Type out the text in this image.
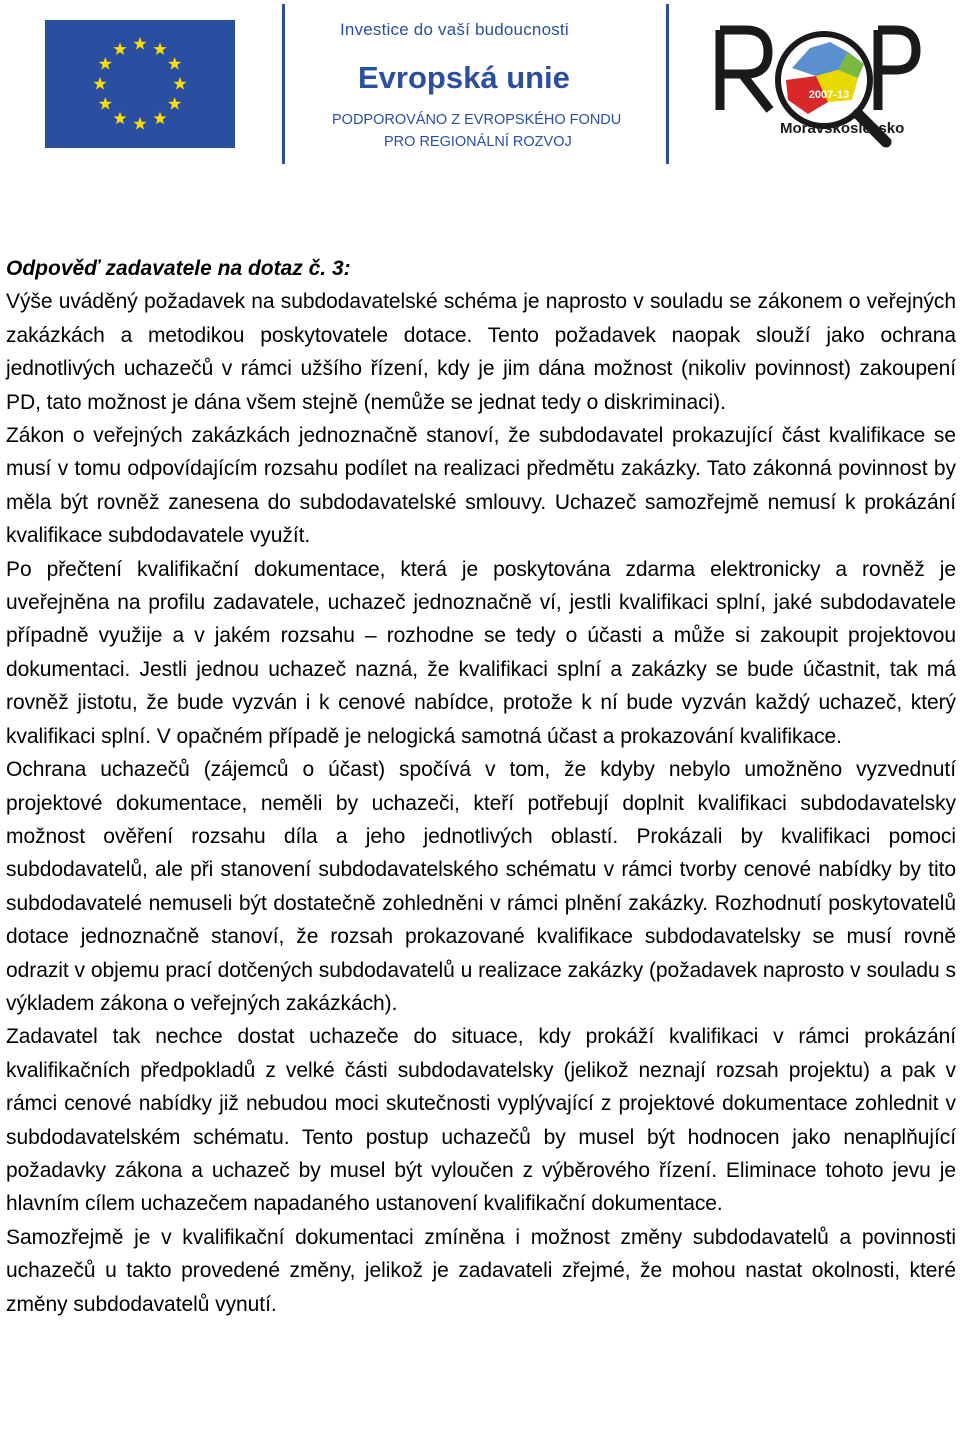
Investice do vaší budoucnosti
Evropská unie
PODPOROVÁNO Z EVROPSKÉHO FONDU
PRO REGIONÁLNÍ ROZVOJ
2007-13
Moravskoslezsko

Odpověď zadavatele na dotaz č. 3:

Výše uváděný požadavek na subdodavatelské schéma je naprosto v souladu se zákonem o veřejných zakázkách a metodikou poskytovatele dotace. Tento požadavek naopak slouží jako ochrana jednotlivých uchazečů v rámci užšího řízení, kdy je jim dána možnost (nikoliv povinnost) zakoupení PD, tato možnost je dána všem stejně (nemůže se jednat tedy o diskriminaci).

Zákon o veřejných zakázkách jednoznačně stanoví, že subdodavatel prokazující část kvalifikace se musí v tomu odpovídajícím rozsahu podílet na realizaci předmětu zakázky. Tato zákonná povinnost by měla být rovněž zanesena do subdodavatelské smlouvy. Uchazeč samozřejmě nemusí k prokázání kvalifikace subdodavatele využít.

Po přečtení kvalifikační dokumentace, která je poskytována zdarma elektronicky a rovněž je uveřejněna na profilu zadavatele, uchazeč jednoznačně ví, jestli kvalifikaci splní, jaké subdodavatele případně využije a v jakém rozsahu – rozhodne se tedy o účasti a může si zakoupit projektovou dokumentaci. Jestli jednou uchazeč nazná, že kvalifikaci splní a zakázky se bude účastnit, tak má rovněž jistotu, že bude vyzván i k cenové nabídce, protože k ní bude vyzván každý uchazeč, který kvalifikaci splní. V opačném případě je nelogická samotná účast a prokazování kvalifikace.

Ochrana uchazečů (zájemců o účast) spočívá v tom, že kdyby nebylo umožněno vyzvednutí projektové dokumentace, neměli by uchazeči, kteří potřebují doplnit kvalifikaci subdodavatelsky možnost ověření rozsahu díla a jeho jednotlivých oblastí. Prokázali by kvalifikaci pomoci subdodavatelů, ale při stanovení subdodavatelského schématu v rámci tvorby cenové nabídky by tito subdodavatelé nemuseli být dostatečně zohledněni v rámci plnění zakázky. Rozhodnutí poskytovatelů dotace jednoznačně stanoví, že rozsah prokazované kvalifikace subdodavatelsky se musí rovně odrazit v objemu prací dotčených subdodavatelů u realizace zakázky (požadavek naprosto v souladu s výkladem zákona o veřejných zakázkách).

Zadavatel tak nechce dostat uchazeče do situace, kdy prokáží kvalifikaci v rámci prokázání kvalifikačních předpokladů z velké části subdodavatelsky (jelikož neznají rozsah projektu) a pak v rámci cenové nabídky již nebudou moci skutečnosti vyplývající z projektové dokumentace zohlednit v subdodavatelském schématu. Tento postup uchazečů by musel být hodnocen jako nenaplňující požadavky zákona a uchazeč by musel být vyloučen z výběrového řízení. Eliminace tohoto jevu je hlavním cílem uchazečem napadaného ustanovení kvalifikační dokumentace.

Samozřejmě je v kvalifikační dokumentaci zmíněna i možnost změny subdodavatelů a povinnosti uchazečů u takto provedené změny, jelikož je zadavateli zřejmé, že mohou nastat okolnosti, které změny subdodavatelů vynutí.
